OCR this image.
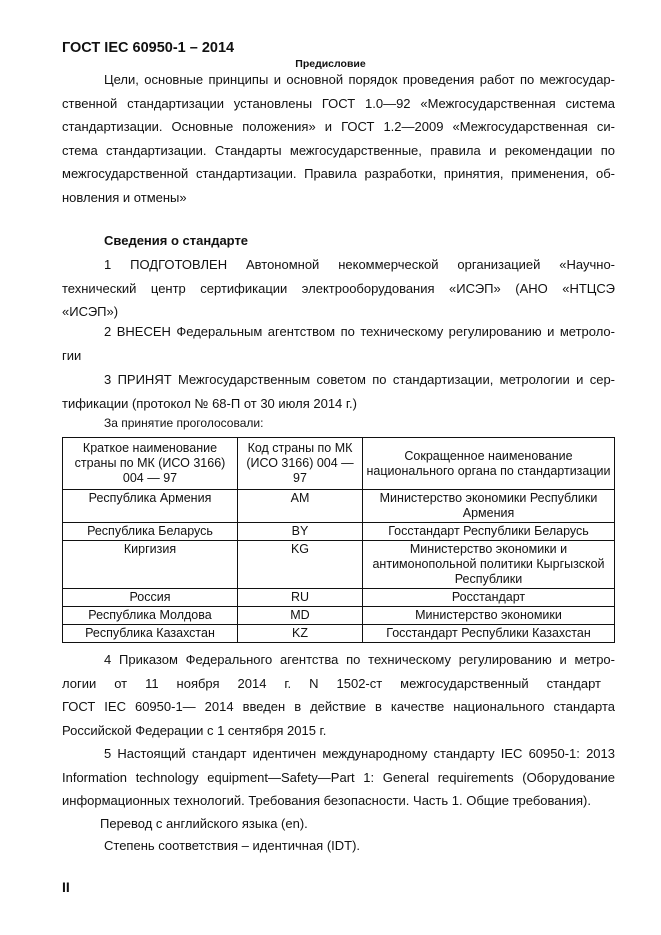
ГОСТ IEC 60950-1 – 2014
Предисловие
Цели, основные принципы и основной порядок проведения работ по межгосудар-
ственной стандартизации установлены ГОСТ 1.0—92 «Межгосударственная система
стандартизации. Основные положения» и ГОСТ 1.2—2009 «Межгосударственная си-
стема стандартизации. Стандарты межгосударственные, правила и рекомендации по
межгосударственной стандартизации. Правила разработки, принятия, применения, об-
новления и отмены»
Сведения о стандарте
1 ПОДГОТОВЛЕН Автономной некоммерческой организацией «Научно-
технический центр сертификации электрооборудования «ИСЭП» (АНО «НТЦСЭ
«ИСЭП»)
2 ВНЕСЕН Федеральным агентством по техническому регулированию и метроло-
гии
3 ПРИНЯТ Межгосударственным советом по стандартизации, метрологии и сер-
тификации (протокол № 68-П от 30 июля 2014 г.)
За принятие проголосовали:
Краткое наименование страны по МК (ИСО 3166) 004 — 97	Код страны по МК (ИСО 3166) 004 — 97	Сокращенное наименование национального органа по стандартизации
Республика Армения	AM	Министерство экономики Республики Армения
Республика Беларусь	BY	Госстандарт Республики Беларусь
Киргизия	KG	Министерство экономики и антимонопольной политики Кыргызской Республики
Россия	RU	Росстандарт
Республика Молдова	MD	Министерство экономики
Республика Казахстан	KZ	Госстандарт Республики Казахстан
4 Приказом Федерального агентства по техническому регулированию и метро-
логии от 11 ноября 2014 г. N 1502-ст межгосударственный стандарт
ГОСТ IEC 60950-1— 2014 введен в действие в качестве национального стандарта
Российской Федерации с 1 сентября 2015 г.
5 Настоящий стандарт идентичен международному стандарту IEC 60950-1: 2013
Information technology equipment—Safety—Part 1: General requirements (Оборудование
информационных технологий. Требования безопасности. Часть 1. Общие требования).
Перевод с английского языка (en).
Степень соответствия – идентичная (IDT).
II
